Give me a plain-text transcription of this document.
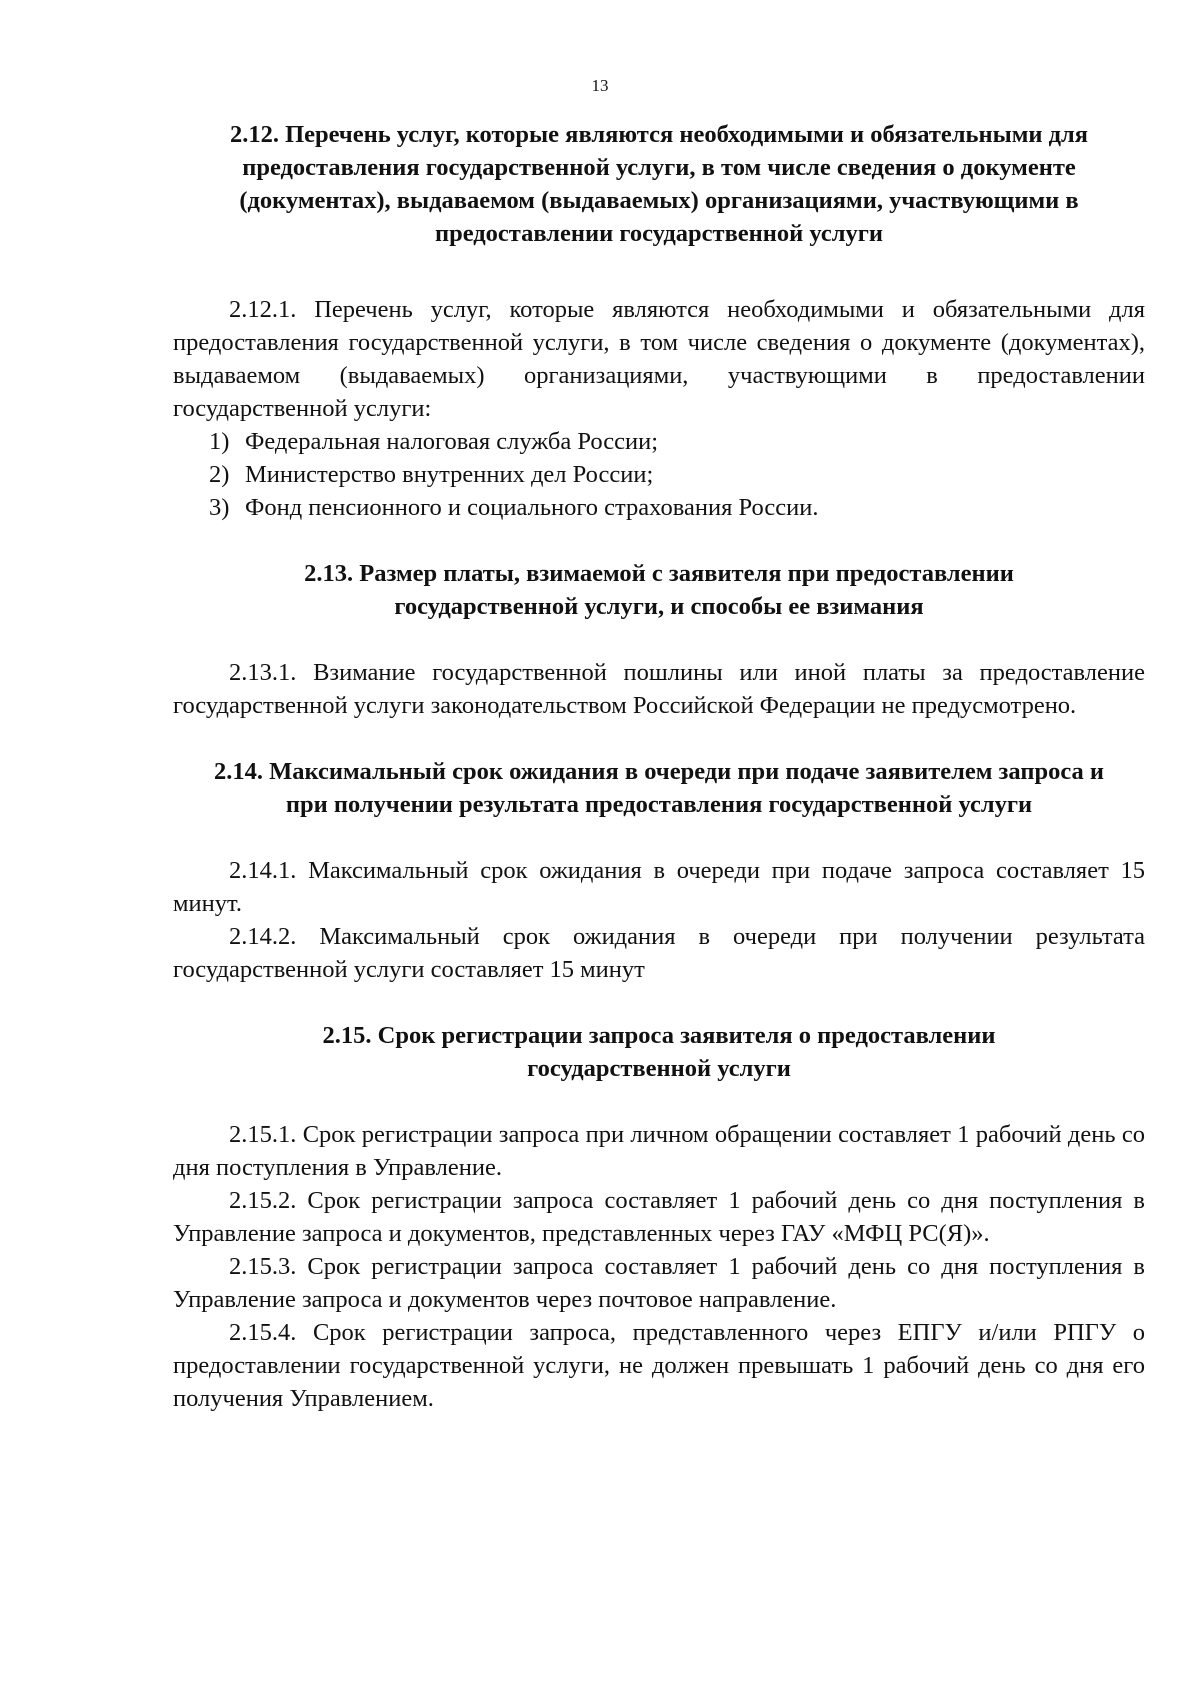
13

2.12. Перечень услуг, которые являются необходимыми и обязательными для предоставления государственной услуги, в том числе сведения о документе (документах), выдаваемом (выдаваемых) организациями, участвующими в предоставлении государственной услуги

2.12.1. Перечень услуг, которые являются необходимыми и обязательными для предоставления государственной услуги, в том числе сведения о документе (документах), выдаваемом (выдаваемых) организациями, участвующими в предоставлении государственной услуги:

1) Федеральная налоговая служба России;
2) Министерство внутренних дел России;
3) Фонд пенсионного и социального страхования России.

2.13. Размер платы, взимаемой с заявителя при предоставлении государственной услуги, и способы ее взимания

2.13.1. Взимание государственной пошлины или иной платы за предоставление государственной услуги законодательством Российской Федерации не предусмотрено.

2.14. Максимальный срок ожидания в очереди при подаче заявителем запроса и при получении результата предоставления государственной услуги

2.14.1. Максимальный срок ожидания в очереди при подаче запроса составляет 15 минут.

2.14.2. Максимальный срок ожидания в очереди при получении результата государственной услуги составляет 15 минут

2.15. Срок регистрации запроса заявителя о предоставлении государственной услуги

2.15.1. Срок регистрации запроса при личном обращении составляет 1 рабочий день со дня поступления в Управление.

2.15.2. Срок регистрации запроса составляет 1 рабочий день со дня поступления в Управление запроса и документов, представленных через ГАУ «МФЦ РС(Я)».

2.15.3. Срок регистрации запроса составляет 1 рабочий день со дня поступления в Управление запроса и документов через почтовое направление.

2.15.4. Срок регистрации запроса, представленного через ЕПГУ и/или РПГУ о предоставлении государственной услуги, не должен превышать 1 рабочий день со дня его получения Управлением.
